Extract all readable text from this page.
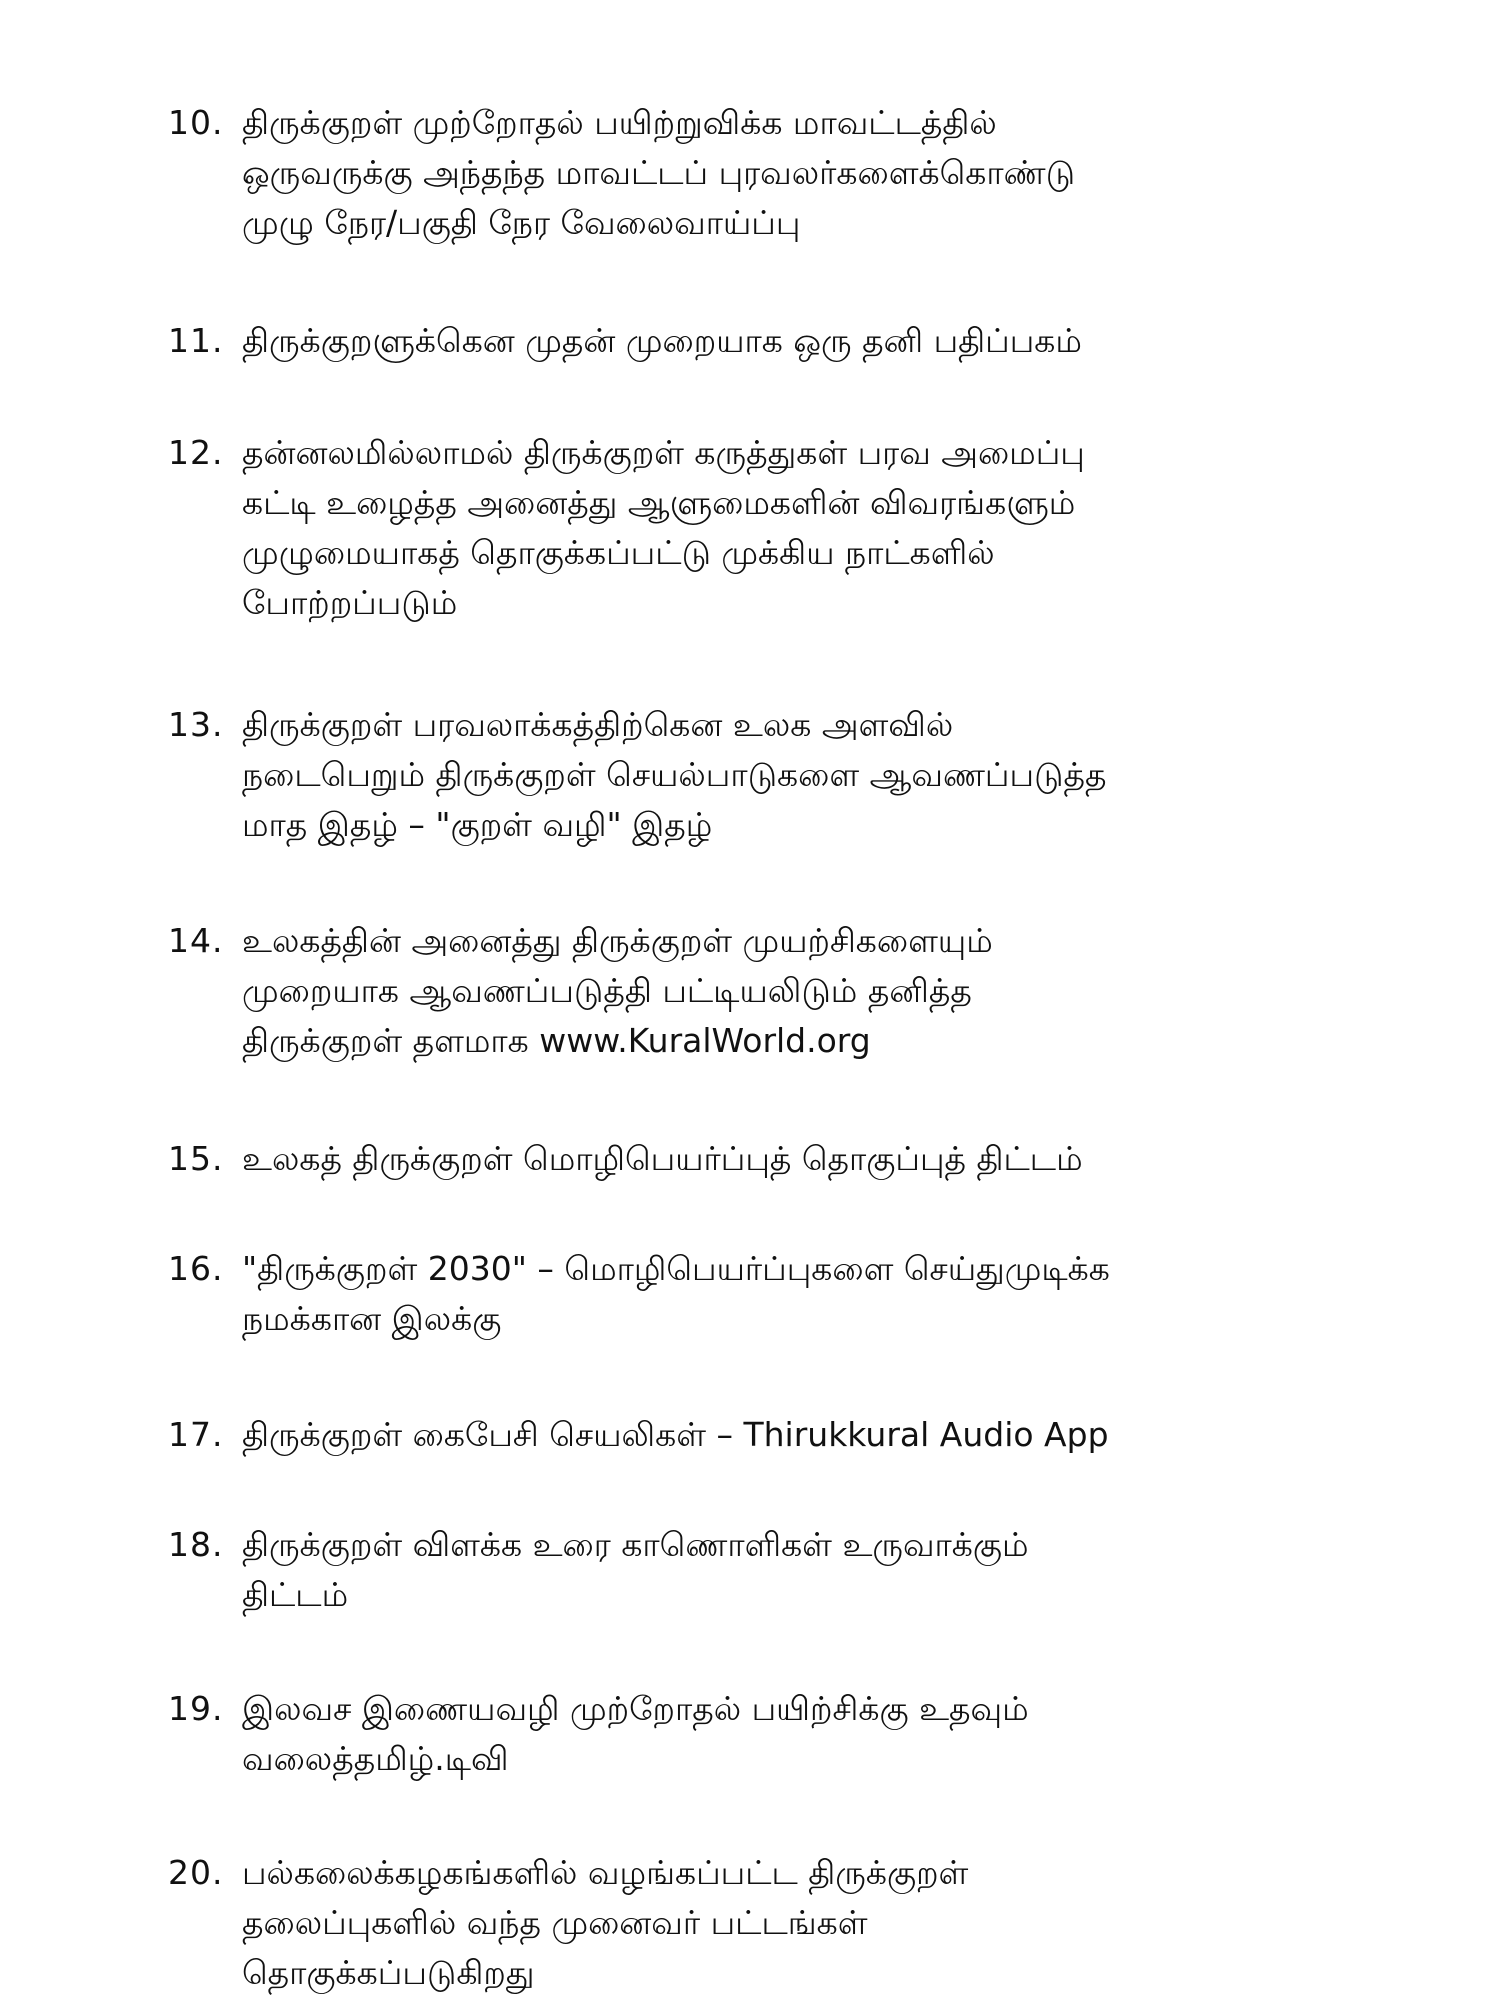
10. திருக்குறள் முற்றோதல் பயிற்றுவிக்க மாவட்டத்தில்
ஒருவருக்கு அந்தந்த மாவட்டப் புரவலர்களைக்கொண்டு
முழு நேர/பகுதி நேர வேலைவாய்ப்பு
11. திருக்குறளுக்கென முதன் முறையாக ஒரு தனி பதிப்பகம்
12. தன்னலமில்லாமல் திருக்குறள் கருத்துகள் பரவ அமைப்பு
கட்டி உழைத்த அனைத்து ஆளுமைகளின் விவரங்களும்
முழுமையாகத் தொகுக்கப்பட்டு முக்கிய நாட்களில்
போற்றப்படும்
13. திருக்குறள் பரவலாக்கத்திற்கென உலக அளவில்
நடைபெறும் திருக்குறள் செயல்பாடுகளை ஆவணப்படுத்த
மாத இதழ் – "குறள் வழி" இதழ்
14. உலகத்தின் அனைத்து திருக்குறள் முயற்சிகளையும்
முறையாக ஆவணப்படுத்தி பட்டியலிடும் தனித்த
திருக்குறள் தளமாக www.KuralWorld.org
15. உலகத் திருக்குறள் மொழிபெயர்ப்புத் தொகுப்புத் திட்டம்
16. "திருக்குறள் 2030" – மொழிபெயர்ப்புகளை செய்துமுடிக்க
நமக்கான இலக்கு
17. திருக்குறள் கைபேசி செயலிகள் – Thirukkural Audio App
18. திருக்குறள் விளக்க உரை காணொளிகள் உருவாக்கும்
திட்டம்
19. இலவச இணையவழி முற்றோதல் பயிற்சிக்கு உதவும்
வலைத்தமிழ்.டிவி
20. பல்கலைக்கழகங்களில் வழங்கப்பட்ட திருக்குறள்
தலைப்புகளில் வந்த முனைவர் பட்டங்கள்
தொகுக்கப்படுகிறது
